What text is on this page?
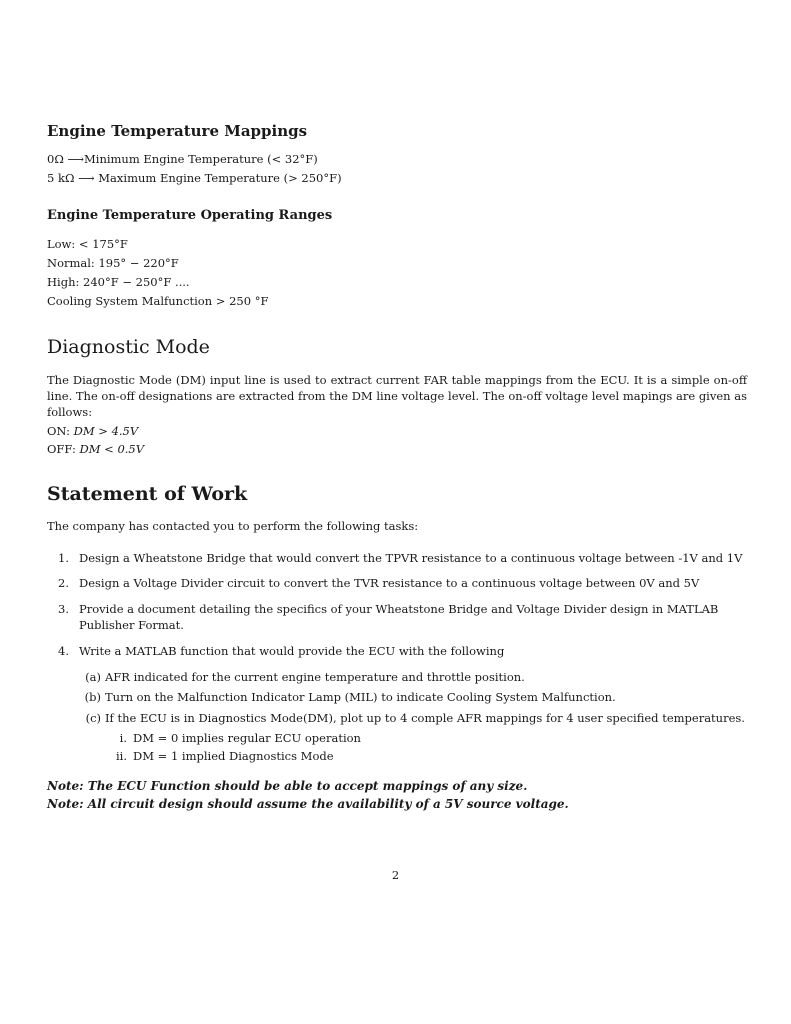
Engine Temperature Mappings
0Ω ⟶Minimum Engine Temperature (< 32°F)
5 kΩ ⟶ Maximum Engine Temperature (> 250°F)
Engine Temperature Operating Ranges
Low: < 175°F
Normal: 195° − 220°F
High: 240°F − 250°F ....
Cooling System Malfunction > 250 °F
Diagnostic Mode
The Diagnostic Mode (DM) input line is used to extract current FAR table mappings from the ECU. It is a simple on-off line. The on-off designations are extracted from the DM line voltage level. The on-off voltage level mapings are given as follows:
ON: DM > 4.5V
OFF: DM < 0.5V
Statement of Work
The company has contacted you to perform the following tasks:
1. Design a Wheatstone Bridge that would convert the TPVR resistance to a continuous voltage between -1V and 1V
2. Design a Voltage Divider circuit to convert the TVR resistance to a continuous voltage between 0V and 5V
3. Provide a document detailing the specifics of your Wheatstone Bridge and Voltage Divider design in MATLAB Publisher Format.
4. Write a MATLAB function that would provide the ECU with the following
(a) AFR indicated for the current engine temperature and throttle position.
(b) Turn on the Malfunction Indicator Lamp (MIL) to indicate Cooling System Malfunction.
(c) If the ECU is in Diagnostics Mode(DM), plot up to 4 comple AFR mappings for 4 user specified temperatures.
i. DM = 0 implies regular ECU operation
ii. DM = 1 implied Diagnostics Mode
Note: The ECU Function should be able to accept mappings of any size.
Note: All circuit design should assume the availability of a 5V source voltage.
2
